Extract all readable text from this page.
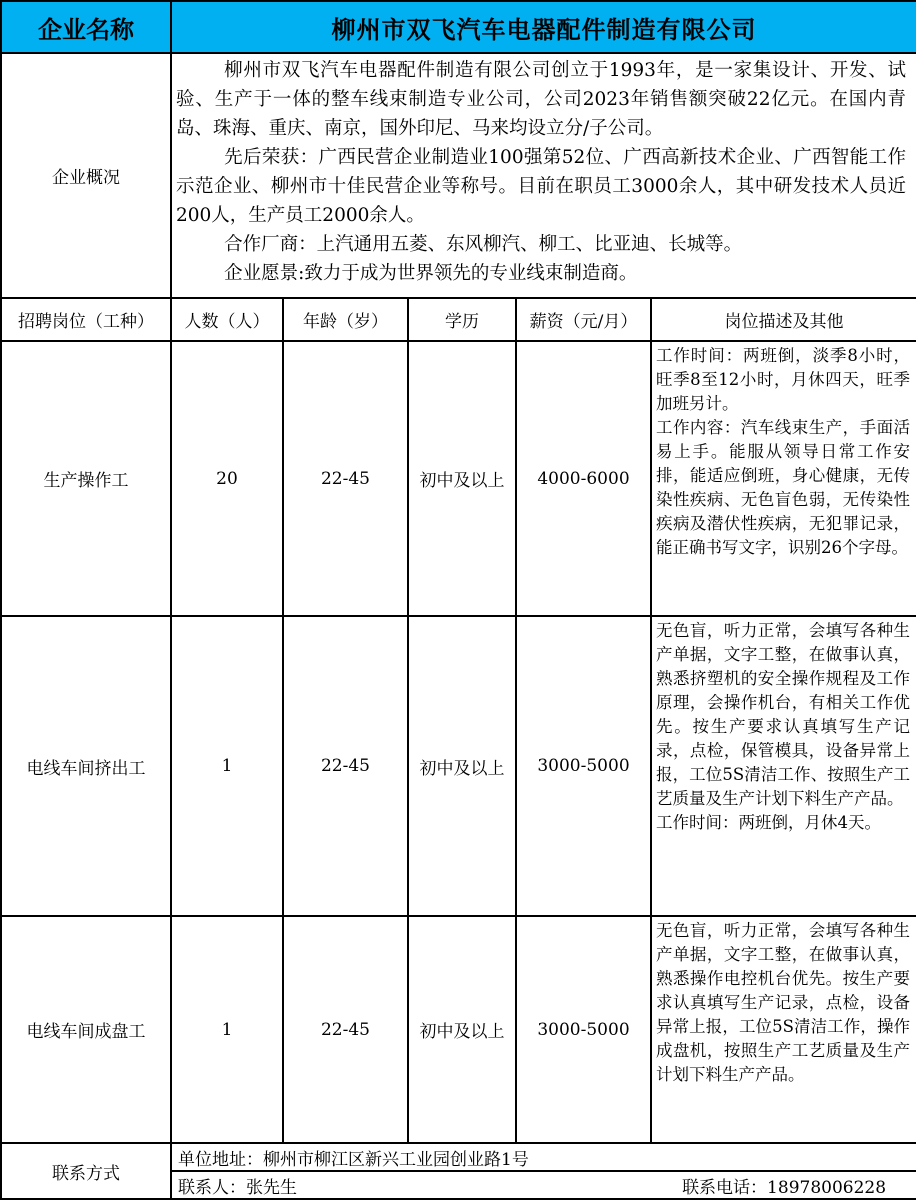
企业名称	柳州市双飞汽车电器配件制造有限公司				
企业概况	柳州市双飞汽车电器配件制造有限公司创立于1993年，是一家集设计、开发、试验、生产于一体的整车线束制造专业公司，公司2023年销售额突破22亿元。在国内青岛、珠海、重庆、南京，国外印尼、马来均设立分/子公司。

先后荣获：广西民营企业制造业100强第52位、广西高新技术企业、广西智能工作示范企业、柳州市十佳民营企业等称号。目前在职员工3000余人，其中研发技术人员近200人，生产员工2000余人。

合作厂商：上汽通用五菱、东风柳汽、柳工、比亚迪、长城等。

企业愿景:致力于成为世界领先的专业线束制造商。				

招聘岗位（工种）	人数（人）	年龄（岁）	学历	薪资（元/月）	岗位描述及其他
生产操作工	20	22-45	初中及以上	4000-6000	工作时间：两班倒，淡季8小时，旺季8至12小时，月休四天，旺季加班另计。

工作内容：汽车线束生产，手面活易上手。能服从领导日常工作安排，能适应倒班，身心健康，无传染性疾病、无色盲色弱，无传染性疾病及潜伏性疾病，无犯罪记录，能正确书写文字，识别26个字母。

电线车间挤出工	1	22-45	初中及以上	3000-5000	无色盲，听力正常，会填写各种生产单据，文字工整，在做事认真，熟悉挤塑机的安全操作规程及工作原理，会操作机台，有相关工作优先。按生产要求认真填写生产记录，点检，保管模具，设备异常上报，工位5S清洁工作、按照生产工艺质量及生产计划下料生产产品。

工作时间：两班倒，月休4天。

电线车间成盘工	1	22-45	初中及以上	3000-5000	无色盲，听力正常，会填写各种生产单据，文字工整，在做事认真，熟悉操作电控机台优先。按生产要求认真填写生产记录，点检，设备异常上报，工位5S清洁工作，操作成盘机，按照生产工艺质量及生产计划下料生产产品。

联系方式	单位地址：柳州市柳江区新兴工业园创业路1号				
	联系人：张先生 联系电话：18978006228				
